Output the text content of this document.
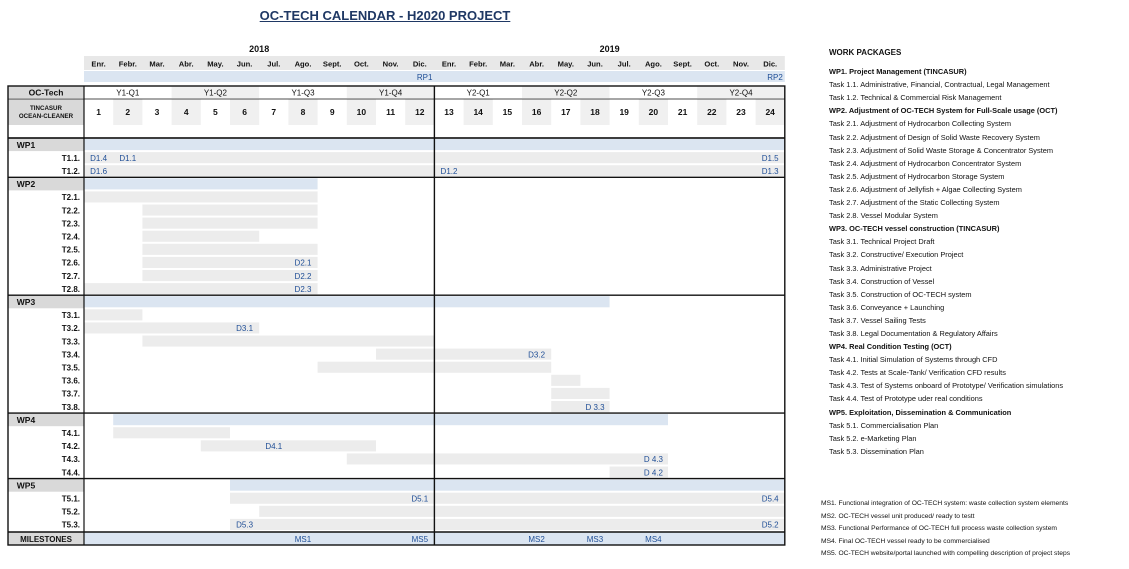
OC-TECH CALENDAR - H2020 PROJECT
2018	2019
Enr. Febr. Mar. Abr. May. Jun. Jul. Ago. Sept. Oct. Nov. Dic. Enr. Febr. Mar. Abr. May. Jun. Jul. Ago. Sept. Oct. Nov. Dic.
RP1	RP2
OC-Tech	Y1-Q1	Y1-Q2	Y1-Q3	Y1-Q4	Y2-Q1	Y2-Q2	Y2-Q3	Y2-Q4
TINCASUR
OCEAN-CLEANER	1	2	3	4	5	6	7	8	9	10 11 12 13 14 15 16 17 18 19 20 21 22 23 24
WP1
T1.1. D1.4 D1.1	D1.5
T1.2. D1.6	D1.2	D1.3
WP2
T2.1.
T2.2.
T2.3.
T2.4.
T2.5.
T2.6.	D2.1
T2.7.	D2.2
T2.8.	D2.3
WP3
T3.1.
T3.2.	D3.1
T3.3.
T3.4.	D3.2
T3.5.
T3.6.
T3.7.
T3.8.	D 3.3
WP4
T4.1.
T4.2.	D4.1
T4.3.	D 4.3
T4.4.	D 4.2
WP5
T5.1.	D5.1	D5.4
T5.2.
T5.3.	D5.3	D5.2
MILESTONES	MS1	MS5	MS2	MS3	MS4
WORK PACKAGES
WP1. Project Management (TINCASUR)
Task 1.1. Administrative, Financial, Contractual, Legal Management
Task 1.2. Technical & Commercial Risk Management
WP2. Adjustment of OC-TECH System for Full-Scale usage (OCT)
Task 2.1. Adjustment of Hydrocarbon Collecting System
Task 2.2. Adjustment of Design of Solid Waste Recovery System
Task 2.3. Adjustment of Solid Waste Storage & Concentrator System
Task 2.4. Adjustment of Hydrocarbon Concentrator System
Task 2.5. Adjustment of Hydrocarbon Storage System
Task 2.6. Adjustment of Jellyfish + Algae Collecting System
Task 2.7. Adjustment of the Static Collecting System
Task 2.8. Vessel Modular System
WP3. OC-TECH vessel construction (TINCASUR)
Task 3.1. Technical Project Draft
Task 3.2. Constructive/ Execution Project
Task 3.3. Administrative Project
Task 3.4. Construction of Vessel
Task 3.5. Construction of OC-TECH system
Task 3.6. Conveyance + Launching
Task 3.7. Vessel Sailing Tests
Task 3.8. Legal Documentation & Regulatory Affairs
WP4. Real Condition Testing (OCT)
Task 4.1. Initial Simulation of Systems through CFD
Task 4.2. Tests at Scale-Tank/ Verification CFD results
Task 4.3. Test of Systems onboard of Prototype/ Verification simulations
Task 4.4. Test of Prototype uder real conditions
WP5. Exploitation, Dissemination & Communication
Task 5.1. Commercialisation Plan
Task 5.2. e-Marketing Plan
Task 5.3. Dissemination Plan
MS1. Functional integration of OC-TECH system: waste collection system elements
MS2. OC-TECH vessel unit produced/ ready to testt
MS3. Functional Performance of OC-TECH full process waste collection system
MS4. Final OC-TECH vessel ready to be commercialised
MS5. OC-TECH website/portal launched with compelling description of project steps
